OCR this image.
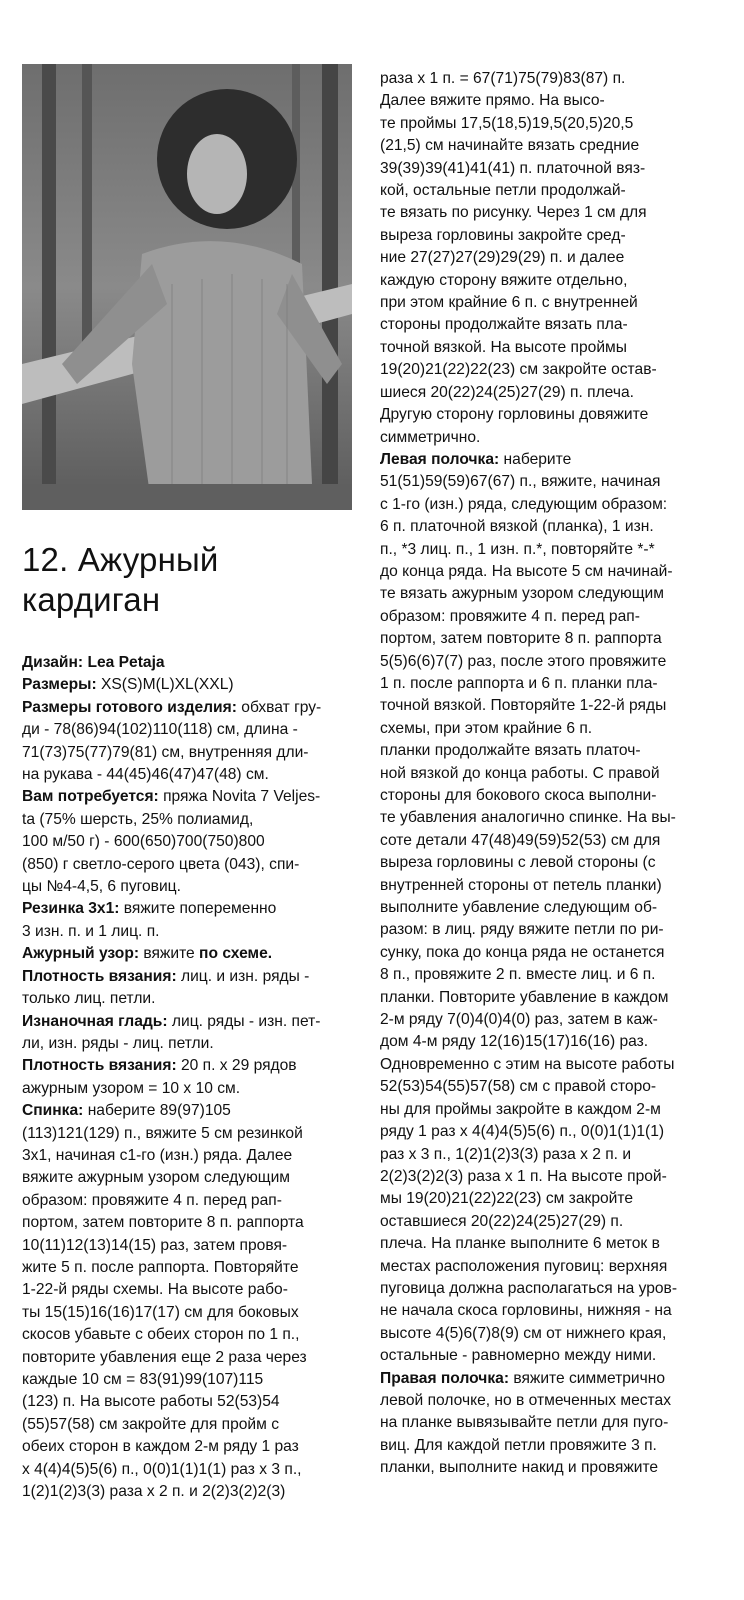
12. Ажурный
кардиган
Дизайн: Lea Petaja
Размеры: XS(S)M(L)XL(XXL)
Размеры готового изделия: обхват гру-
ди - 78(86)94(102)110(118) см, длина -
71(73)75(77)79(81) см, внутренняя дли-
на рукава - 44(45)46(47)47(48) см.
Вам потребуется: пряжа Novita 7 Veljes-
ta (75% шерсть, 25% полиамид,
100 м/50 г) - 600(650)700(750)800
(850) г светло-серого цвета (043), спи-
цы №4-4,5, 6 пуговиц.
Резинка 3х1: вяжите попеременно
3 изн. п. и 1 лиц. п.
Ажурный узор: вяжите по схеме.
Плотность вязания: лиц. и изн. ряды -
только лиц. петли.
Изнаночная гладь: лиц. ряды - изн. пет-
ли, изн. ряды - лиц. петли.
Плотность вязания: 20 п. х 29 рядов
ажурным узором = 10 х 10 см.
Спинка: наберите 89(97)105
(113)121(129) п., вяжите 5 см резинкой
3х1, начиная с1-го (изн.) ряда. Далее
вяжите ажурным узором следующим
образом: провяжите 4 п. перед рап-
портом, затем повторите 8 п. раппорта
10(11)12(13)14(15) раз, затем провя-
жите 5 п. после раппорта. Повторяйте
1-22-й ряды схемы. На высоте рабо-
ты 15(15)16(16)17(17) см для боковых
скосов убавьте с обеих сторон по 1 п.,
повторите убавления еще 2 раза через
каждые 10 см = 83(91)99(107)115
(123) п. На высоте работы 52(53)54
(55)57(58) см закройте для пройм с
обеих сторон в каждом 2-м ряду 1 раз
х 4(4)4(5)5(6) п., 0(0)1(1)1(1) раз х 3 п.,
1(2)1(2)3(3) раза х 2 п. и 2(2)3(2)2(3)
раза х 1 п. = 67(71)75(79)83(87) п.
Далее вяжите прямо. На высо-
те проймы 17,5(18,5)19,5(20,5)20,5
(21,5) см начинайте вязать средние
39(39)39(41)41(41) п. платочной вяз-
кой, остальные петли продолжай-
те вязать по рисунку. Через 1 см для
выреза горловины закройте сред-
ние 27(27)27(29)29(29) п. и далее
каждую сторону вяжите отдельно,
при этом крайние 6 п. с внутренней
стороны продолжайте вязать пла-
точной вязкой. На высоте проймы
19(20)21(22)22(23) см закройте остав-
шиеся 20(22)24(25)27(29) п. плеча.
Другую сторону горловины довяжите
симметрично.
Левая полочка: наберите
51(51)59(59)67(67) п., вяжите, начиная
с 1-го (изн.) ряда, следующим образом:
6 п. платочной вязкой (планка), 1 изн.
п., *3 лиц. п., 1 изн. п.*, повторяйте *-*
до конца ряда. На высоте 5 см начинай-
те вязать ажурным узором следующим
образом: провяжите 4 п. перед рап-
портом, затем повторите 8 п. раппорта
5(5)6(6)7(7) раз, после этого провяжите
1 п. после раппорта и 6 п. планки пла-
точной вязкой. Повторяйте 1-22-й ряды
схемы, при этом крайние 6 п.
планки продолжайте вязать платоч-
ной вязкой до конца работы. С правой
стороны для бокового скоса выполни-
те убавления аналогично спинке. На вы-
соте детали 47(48)49(59)52(53) см для
выреза горловины с левой стороны (с
внутренней стороны от петель планки)
выполните убавление следующим об-
разом: в лиц. ряду вяжите петли по ри-
сунку, пока до конца ряда не останется
8 п., провяжите 2 п. вместе лиц. и 6 п.
планки. Повторите убавление в каждом
2-м ряду 7(0)4(0)4(0) раз, затем в каж-
дом 4-м ряду 12(16)15(17)16(16) раз.
Одновременно с этим на высоте работы
52(53)54(55)57(58) см с правой сторо-
ны для проймы закройте в каждом 2-м
ряду 1 раз х 4(4)4(5)5(6) п., 0(0)1(1)1(1)
раз х 3 п., 1(2)1(2)3(3) раза х 2 п. и
2(2)3(2)2(3) раза х 1 п. На высоте прой-
мы 19(20)21(22)22(23) см закройте
оставшиеся 20(22)24(25)27(29) п.
плеча. На планке выполните 6 меток в
местах расположения пуговиц: верхняя
пуговица должна располагаться на уров-
не начала скоса горловины, нижняя - на
высоте 4(5)6(7)8(9) см от нижнего края,
остальные - равномерно между ними.
Правая полочка: вяжите симметрично
левой полочке, но в отмеченных местах
на планке вывязывайте петли для пуго-
виц. Для каждой петли провяжите 3 п.
планки, выполните накид и провяжите
